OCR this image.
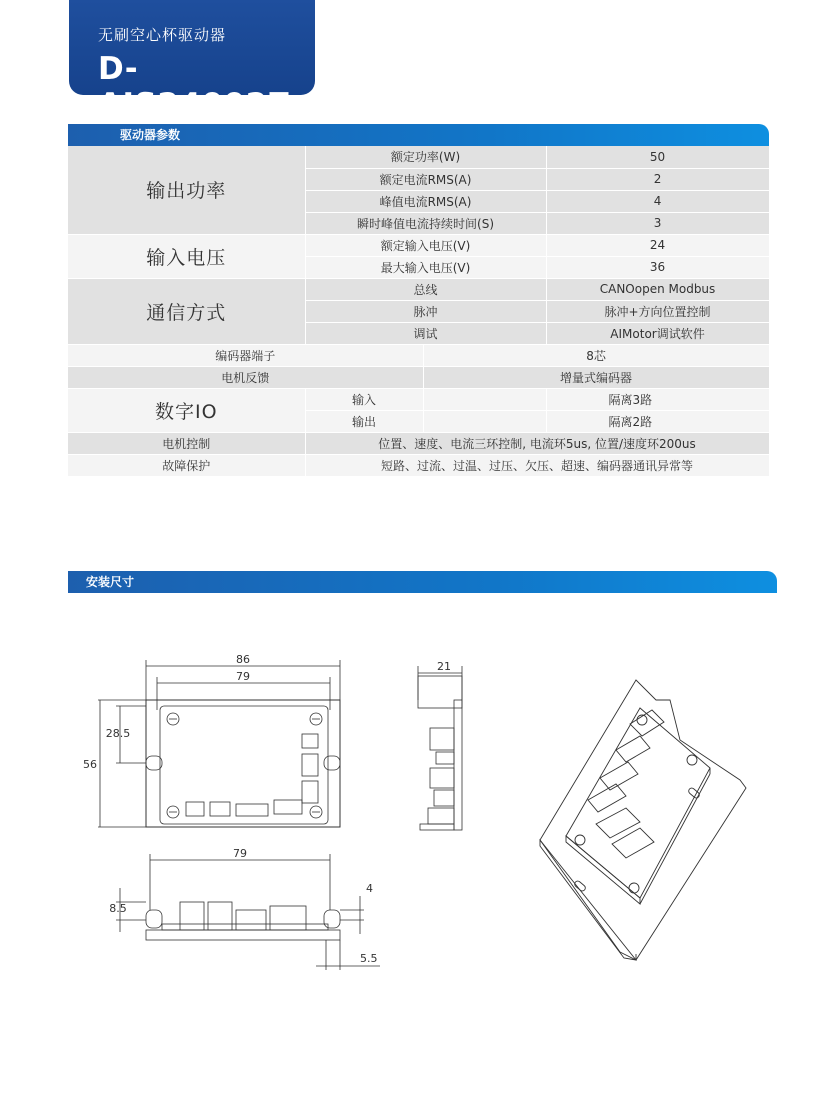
无刷空心杯驱动器
D-AIS24002Z
驱动器参数
输出功率	额定功率(W)		50
	额定电流RMS(A)		2
	峰值电流RMS(A)		4
	瞬时峰值电流持续时间(S)		3
输入电压	额定输入电压(V)		24
	最大输入电压(V)		36
通信方式	总线		CANOopen Modbus
	脉冲		脉冲+方向位置控制
	调试		AIMotor调试软件
编码器端子		8芯	
电机反馈		增量式编码器	
数字IO	输入		隔离3路
	输出		隔离2路
电机控制	位置、速度、电流三环控制, 电流环5us, 位置/速度环200us		
故障保护	短路、过流、过温、过压、欠压、超速、编码器通讯异常等		
安装尺寸
86
79
56
28.5
21
79
8.5
4
5.5
